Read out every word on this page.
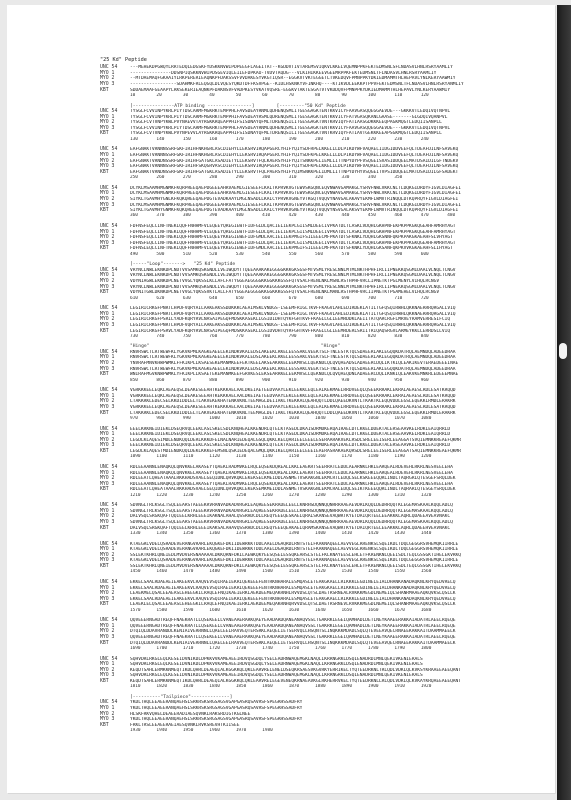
"25 Kd" Peptide
UNC 54	---MEHEKDPGWQYLRRTEDQLEDGSKFYDSKKNVWIPDPEEGFLAGEITAT--KGDDVTIVTAREMSVIQKVLKKELVQEMNPPKFEKTEDMSNLSFLNDASVLHNLRSRYAAMLIY
MYO 1	---------------DDSNPIQSKKNVWIPDSGEVIQLEIIEFDPKAO-TVDVTAQDG---VLKIHIKKEEVGEEMRPPKFEKTEDMSNLTFLNDASVLHNLRSRYAAMLIY
MYO 2	--MTDAEMAQFGKAAIYLRKPERERIEAQNKPFDAKSSVFVVDAKESYVKGTIQSR--EGGKVTVKTEGGETLTVKEDQVFPMNPPKYDKIEDMAMMTHLHEPAVLYNLKERYAAWMIY
MYO 3	-----------------SDAHMKFRLEQGQLDLVQESYQKDTDFFKSVPGE--KIDLHSKNKYVFINKHQ----KTIKVDLEEKKPTPPVFEKTEDMSNLTFLNDASVLHNLRSRYANMLIY
KBT	SDDAEMAAFGEAAPYLRKSEKERIEAQNKPFDAKNSVFVADPKESYVKATVQSRE-EGGKVTAKTESGATVTVKDDQVFPMNPPKYDKIEDMAMMTHLHEPAVLYNLKERYAAWMIY
10        20        30        40        50        60        70        80        90        100       110       120
[---------------ATP binding ----------------]        [---------"50 Kd" Peptide
UNC 54	TYSGLFCVVINPYKRLPIYTDSCARMFMGKRKTEMPPHLFAVSDEAYRNMLQDHENQSMLITGESGAGKTENTKKVICYFAAVGASQQEGGAEVDE---GKKKVTLEDQIVQTNPVL
MYO 1	TYSGLFCVVINPYKRLPIYTDSCARMFMGKRKTEMPPHIFAVSDEAYRSMLQDRENQSMLITGESGAGKTENTKKVICYFATVGASQKANLGAASE-------GLGDQIVQANPVL
MYO 2	TYSGLFCVTVNPYKWLPVYNAEVVTAYRGKKRQEAPPHIFSISDNAYQFMLTDRENQSILITGESGAGKTVNTKRVIQYFATIAASGDKKKEEQPAGKMQGTLEDQIISANPLL
MYO 3	TYSGLFCVVINPYKRLPIYTDSCARMFMGKRKTEMPPHLFAVSDEAYRNMLQDHENQSMLITGESGAGKTENTKKVICYFAAVGASQQEGGAEVDE---GKKKVTLEDQIVQTNPVL
KBT	TYSGLFCVTVNPYKWLPVYNPEVVLAYRGKKRQEAPPHIFSISDNAYQFMLTDRENQSILITGESGAGKTVNTKRVIQYFATIAVTGEKKKEEAPSGKMQGTLEDQIISANPLL
130       140       150       160       170       180       190       200       210       220       230       240
UNC 54	EAFGNAKTVRNNNSSRFGKFIRIHFNKHGRLASCDIEHYLLEKSRVIRQAPGERCYHIFYQIYSDFRPELKKELLLDLPIKDYWFVAQAELIIDGIDDVEEFQLTDEAFDILNFSAVEKQ
MYO 1	EAFGNAKTVRNNNSSRFGKFIRIHFNKHGRLASCDIEHYLLEKSRVIRQAPGERCYHIFYQIYSDFKPELKKELLLDLPIKDYWFVAQAELIIDGIDDVEEFQLTDEAFDILNFSAVEKQ
MYO 2	EAFGNAKTVRNDNSSRFGKFIRIHFGATGKLASADIETYLLEKSRVTFQLKAERSYHIFYQITSNKKPELIEMLLITTNPYDYPFVSQGEISVASIDDQEELMATDSAIDILGFTNDEKV
MYO 3	EAFGNAKTVRNNNSSRFGKFIRIHFSKQGRVASCDIEHYLLEKSRVIRQAPGERCYHIFYQIYSDFKPELKKELLLDLPIKDYWFVAQAELIIDGIDDVEEFQLTDEAFDILNFSAVEKQ
KBT	EAFGNAKTVRNDNSSRFGKFIRIHFGATGKLASADIETYLLEKSRVTFQLPAERSYHIFYQIMSNKKPELIDMLLITTNPYDYHYVSQGEITVPSIDDQEELMATDSAIDILGFSADEKT
250       260       270       280       290       300       310       320       330       340       350
UNC 54	DCYKLMSAAMHMGNMKFKQRPREEQAEPDGEEEAHRVAEMLGIESEEFLKALTKPRVKVGTEWVSKGQNCEQVNWAVGAMAKGLYSRVFNWLVKKCNLTLDQKGIDRDYFIGVLDIAGFEI
MYO 1	DCYKLMSAAMHMGNMKFKQRPREEQAEPDGEEEAHRVAEMLGIESEEFLKALTKPRVKVGTEWVSKGQNCEQVNWAVGAMAKGLYSRVFNWLVKKCNLTLDQKGIDRDYFIGVLDIAGFEI
MYO 2	SIYKLTGAVMHYGNLKFKQKQREEQAEPDGTEVADKAAYLMGLNSADLLKALCYPRVKVGNEYVTKGQTVQQVYNAVGALAKAVYEKMFLWMVTRINQQLDTKQPRQYFIGVLDIAGFEI
MYO 3	DCYKLMSAAMHMGNMKFKQRPREEQAEPDGEEEAHRVAEMLGIESEEFLKALTKPRVKVGTEWVSKGQNCEQVNWAVGAMAKGLYSRVFNWLVKKCNLTLDQKGIDRDYFIGVLDIAGFEI
KBT	SIYKLTGAVMHYGNMKFKQKQREEQAEPDGTEVADKAAYLMGLNSADLLKALCYPRVKVGNEYVTKGQTVQQVYNSVGALAKSVYEKMFLWMVTRINQQLDTKQPRQYFIGVLDIAGFEI
360       370       380       390       400       410       420       430       440       450       460       470       480
UNC 54	FDFNSFEQLCINFTNEKLQQFFNHHMFVLEQEEYQREGIEWTFIDFGLDLQACIELIEKPLGIISMLDEECIVPKATDLTLASKLVDQHLGKHPNFEKPKPPKGKQGEAHFAMRHYAGT
MYO 1	FDFNSFEQLCINFTNEKLQQFFNHHMFVLEQEEYQREGIEWTFIDFGLDLQACIELIEKPLGIISMLDEECIVPKATDLTLASKLVDQHLGKHPNFEKPKPPKGKQGEAHFAMRHYAGT
MYO 2	FDFNSFEQLCINFTNEKLQQFFNHHMFVLEQEEYKKEGIEWEFIDFGMDLAACIELIEKPMGIFSILEEECMFPKATDTSFKNKLYDQHLGKSNNFQKPKPAKGKAEAHFSLVHYAGT
MYO 3	FDFNSFEQLCINFTNEKLQQFFNHHMFVLEQEEYQREGIEWTFIDFGLDLQACIELIEKPLGIISMLDEECIVPKATDLTLASKLVDQHLGKHPNFEKPKPPKGKQGEAHFAMRHYAGT
KBT	FDFNSLEQLCINFTNEKLQQFFNHHMFVLEQEEYKKEGIEWEFIDFGMDLAACIELIEKPMGIFSILEEECMFPKATDTSFKNKLYDQHLGKSANFQKPKVVKGKAEAHFSLIHYAGT
490       500       510       520       530       540       550       560       570       580       590       600
[-----"Loop"------->   "25 Kd" Peptide
UNC 54	VRYNCLNWLEKNKDPLNDTVVSAMKQSKGNDLLVEIWQDYTTQEEAAAKAKEGGGGKKKGKSGSFMTVSMLYRESLNNLMTMLNKTHPHFIRCIIPNEKKQSGMIDAALVLNQLTCNGV
MYO 1	VRYNCLNWLEKNKDPLNDTVVSAMKQSKGNDLLVEIWQDYTTQEEAAAKAKEGGGGKKKGKSGSFMTVSMLYRESLNNLMTMLNKTHPHFIRCIIPNEKKQSGMIDAALVLNQLTCNGV
MYO 2	VDYNIAGWLEKNKDPLNETVVGLYQKSSLKLLAFLFATYGGEAEGGGGKKGGKKKGSSFQTVSALFRENLNKLMSNLRSTHPHFVRCLIPNETKTPGLMENYLVIHQLRCNGV
MYO 3	VRYNCLNWLEKNKDPLNDTVVSAMKQSKGNDLLVEIWQDYTTQEEAAAKAKEGGGGKKKGKSGSFMTVSMLYRESLNNLMTMLNKTHPHFIRCIIPNEKKQSGMIDAALVLNQLTCNGV
KBT	VDYNITGWLDKNKDPLNETVVGLYQKSSVKTLALLFATYGGEAEGGGGKKGGKKKGSSFQTVSALFRENLNKLMANLRSTHPHFVRCIIPNETKTPGAMEHELVLHQLRCNGV
610       620       630       640       650       660       670       680       690       700       710       720
UNC 54	LEGIRICRKGFPNRTLHPDFVQRYAILAAKEAKSSDDKKKCAEAIMSKLVNDGS-LSEEMFRIGLTKVFFKAGVLAHLEDIRDEKLATILTGFQSQIRWHLQKKNAERRRQRGALLVIQ
MYO 1	LEGIRICRKGFPNRTLHPDFVQRYAILAAKEAKSSDDKKKCAEAIMSKLVNDGS-LSEEMFRIGLTKVFFKAGVLAHLEDIRDEKLATILTGFQSQIRWHLQKKNAERRRQRGALLVIQ
MYO 2	LEGIRICRKGFPSRILYADFKQRYRVLNASAIPEGQFMDSKKASEKLLGSIDIDHTQYKFGHTKVFFKAGLLGLLEEMRDDKLAEIITATQARCRGFLMRVEYRAMVERRESIFCIQ
MYO 3	LEGIRICRKGFPNRTLHPDFVQRYAILAAKEAKSSDDKKKCAEAIMSKLVNDGS-LSEEMFRIGLTKVFFKAGVLAHLEDIRDEKLATILTGFQSQIRWHLQKKNAERRRQRGALLVIQ
KBT	LEGIRICRKGFPSRVLYADFKQRYRVLNASAIPEGQFMDSKKASEKLLGSIDVDHTQYRFGHTKVFFKAGLLGLLEEMRDERLSRIITRIQAQSRGVLARMEYKKLLERRDSLLVIQ
730       740       750       760       770       780       790       800       810       820       830       840
"Hinge"                                                              "Hinge"
UNC 54	RNVRSWCTLRTWEWFKLYGKVKPMLKAGKEAEELEKINDKVKALEDSLAKEEKLRKELEESSAKLVEEKTSLFTNLESTKTQLSDAEERLAKLEGQQKDATRQLAEMNDQLADEEDRAA
MYO 1	RNVRSWCTLRTWEWFKLYGKVKPMLKAGKEAEELEKINDKVKALEDSLAKEEKLRKELEESSAKLVEEKTSLFTNLESTKTQLSDAEERLAKLEGQQKDATRQLAEMNDQLADEEDRAA
MYO 2	YNVRAFMNVKHWPWMKLFFKIKPLLKSAESEKEMANMKEEFEKTKEELAKSEAKRKELEEKMVSLLQEKNDLQLQVQAEADSLADAEERCDQLIKTKIQLEAKIKEVTERAEDEEEINAE
MYO 3	RNVRSWCTLRTWEWFKLYGKVKPMLKAGKEAEELEKINDKVKALEDSLAKEEKLRKELEESSAKLVEEKTSLFTNLESTKTQLSDAEERLAKLEGQQKDATRQLAEMNDQLADEEDRAA
KBT	WNIRAFMGVKNWPWMKLYFKIKPLLKSAETEKEMANMKEEFGRVKESLEKSEARRKELEEKMVSLLQEKNDLQLQVQAEQDNLADAEERCDQLIKNKIQLEAKVKEMNKRLEDEEEMNAE
850       860       870       880       890       900       910       920       930       940       950       960
UNC 54	VGRKKKEELEQKLAEAEQSLDEAKESEEAHTKEKKKAELAALDKEIAETEEDVAAYLEKLEEKKLEQLEALKEKMAELRRDVEEQLQSEEKRRAKLEKRALAEAESLRDLESATKRQQD
MYO 1	VGRKKKEELEQKLAEAEQSLDEAKESEEAHTKEKKKAELAALDKEIAETEEDVAAYLEKLEEKKLEQLEALKEKMAELRRDVEEQLQSEEKRRAKLEKRALAEAESLRDLESATKRQQD
MYO 2	LTAKKRKLEDECSELKKDIDDLELTLAKVEKEKHATENKVKNLTEEMAGLDEIIAKLTKEKKALQEAHQQTLDDLQAEEDKVNTLTKAKTKLEQQVDDLEGSLEQEKKLRMDLERAKRK
MYO 3	VGRKKKEELEQKLAEAEQSLDEAKESEEAHTKEKKKAELAALDKEIAETEEDVAAYLEKLEEKKLEQLEALKEKMAELRRDVEEQLQSEEKRRAKLEKRALAEAESLRDLESATKRQQD
KBT	LTAKKRKLEDECSELKKDIDDLELTLAKVEKEKHATENKVKNLTEEMAGLDETIAKLTKEKKALQEAHQQTLDDLQAEEDKVNTLTKAKTKLEQQVDDLEGSLEQEKKLRMDLERAKRK
970       980       990       1000      1010      1020      1030      1040      1050      1060      1070      1080
UNC 54	EEELKRKNEIDIEKLDSEQRVQLEEKLASLSKELSDLKNQHEALKKENDRLQTELKTASEDLDKAISDRMDKERQAIRAELDTLKKELDDEKTALERSEAAVKELRDKLEAIQRRLD
MYO 1	EEELKRKNEIDIEKLDSEQRVQLEEKLASLSKELSDLKNQHEALKKENDRLQTELKTASEDLDKAISDRMDKERQAIRAELDTLKKELDDEKTALERSEAAVKELRDKLEAIQRRLD
MYO 2	LEGDLKLAQESIMDLENDKQQLDERLKKKDFELNALNARIEDEQALGSQLQKKLKELQARIEELEEELESERAARAKVEKLRSDLSRELEEISERLEEAGGATSVQIEMNKKREAEFQKMR
MYO 3	EEELKRKNEIDIEKLDSEQRVQLEEKLASLSKELSDLKNQHEALKKENDRLQTELKTASEDLDKAISDRMDKERQAIRAELDTLKKELDDEKTALERSEAAVKELRDKLEAIQRRLD
KBT	LEGDLKLAQESTMDIENDKQQLDEKLKKKEFEMSNLQSKIEDEQALGMQLQKKIKELQARIEELEEEIEAERASRAKAEKQRSDLSRELEEISERLEEAGGATSAQIEMNKKREAEFQKMR
1090      1100      1110      1120      1130      1140      1150      1160      1170      1180      1190      1200
UNC 54	RDLEEAANNLENAQKQLQNVKKELAKASEYTQAEKLRADMVKELRQLEQSEKDQREALLKKLEAEKRTSEERRATLEDDLAEARNKLHKLEARQEALRDEVEHLRKRLNESVEELEHA
MYO 1	RDLEEAANNLENAQKQLQNVKKELAKASEYTQAEKLRADMVKELRQLEQSEKDQREALLKKLEAEKRTSEERRATLEDDLAEARNKLHKLEARQEALRDEVEHLRKRLNESVEELEHA
MYO 2	RDLEEATLQHEATAAALRKKHADSVAELGEQIDNLQRVKQKLEKEKSELKMEIDDLASNMETVSKAKGNLEKMCRTLEDQLSELKSKEEEQQRLINDLTAQRGRLQTESGEFSRQLDEK
MYO 3	RDLEEAANNLENAQKQLQNVKKELAKASEYTQAEKLRADMVKELRQLEQSEKDQREALLKKLEAEKRTSEERRATLEDDLAEARNKLHKLEARQEALRDEVEHLRKRLNESVEELEHA
KBT	RDLEEATLQHEATAAALRKKHADSVAELGEQIDNLQRVKQKLEKEKSEMKMEIDDLASNMETVSKAKGNLEKMCRALEDQLSEIKTKEEEQQRLINDLTAQRARLQTESGEYSRQLDEK
1210      1220      1230      1240      1250      1260      1270      1280      1290      1300      1310      1320
UNC 54	SDVNGLTRLKSGLTSQLEEARSTAEEEKRVRANVADKADVRGRLEAQREESEKRADELEELLKNRHSDQNNQQNRRRAAEAEVDRLKQQLDEDRRQQTKLEGEMASKAALKQQLADLQ
MYO 1	SDVNGLTRLKSGLTSQLEEARSTAEEEKRVRANVADKADVRGRLEAQREESEKRADELEELLKNRHSDQNNQQNRRRAAEAEVDRLKQQLDEDRRQQTKLEGEMASKAALKQQLADLQ
MYO 2	DALVSQLSRGKQAFTQQIEELKRHLEEEIKAKNALAHALQSSRHDCDLLREQYEEEQESKAELQRALSKANSEVAQWRTKYETDAIQRTEELEEAKKKLAQRLQDAEEAVEAVNAKC
MYO 3	SDVNGLTRLKSGLTSQLEEARSTAEEEKRVRANVADKADVRGRLEAQREESEKRADELEELLKNRHSDQNNQQNRRRAAEAEVDRLKQQLDEDRRQQTKLEGEMASKAALKQQLADLQ
KBT	DALVSQLSRGKQAFTQQIEELKRHLEEEIKAKSALAHAVQSSRHDCDLLREQYEEEQEAKAELQRAMSKANSEVAQWRTKYETDAIQRTEELEEAKKKLAQRLQDAEEHVEAVNAKC
1330      1340      1350      1360      1370      1380      1390      1400      1410      1420      1430      1440
UNC 54	KTAEGRLVDELQSRADEVERANGVRARLEKQGKEFDKIIDEWRKKTDDLAAELDGAQRDLRNTSTELFKAKNAQEELAEVVEGLRRENKSLSQEIKDLTDQLGEGGRSVHEMQKIIRRLE
MYO 1	KTAEGRLVDELQSRADEVERANGVRARLEKQGKEFDKIIDEWRKKTDDLAAELDGAQRDLRNTSTELFKAKNAQEELAEVVEGLRRENKSLSQEIKDLTDQLGEGGRSVHEMQKIIRRLE
MYO 2	SSLEKTKHRLQNEIEDLMVDVERSNAAAAALDKKQRNFDKILAEWKQKYEESQSELESSQKEARSLSTELFKLKNAYEESLEHLETFKRENKNLQEEISDLTEQLGSSGKTIHELEKVRKQ
MYO 3	KTAEGRLVDELQSRADEVERANGVRARLEKQGKEFDKIIDEWRKKTDDLAAELDGAQRDLRNTSTELFKAKNAQEELAEVVEGLRRENKSLSQEIKDLTDQLGEGGRSVHEMQKIIRRLE
KBT	SSLEKTKHRLQNEIEDLMVDVERSNAAAAALDKKQRNFDKILAEWKQKYEESQSELESSQKEARSLSTELFKLKNAYEESLEHLETFKRENKNLQEEISDLTEQLGSSGKTIHELEKVRKQ
1450      1460      1470      1480      1490      1500      1510      1520      1530      1540      1550      1560
UNC 54	EKKELSAALRDAEAEIEAKEEKVLRAQVEVSQIRAEIEKRIQEKEEEFENTRKNHARALESMQASLETEAKGKAELLRIKKKLEGDINELEIALDHANKANADAQKNLKRYQEDVRELQ
MYO 1	EKKELSAALRDAEAEIEAKEEKVLRAQVEVSQIRAEIEKRIQEKEEEFENTRKNHARALESMQASLETEAKGKAELLRIKKKLEGDINELEIALDHANKANADAQKNLKRYQEDVRELQ
MYO 2	LEAEKMELQSALEEAEASLEHEEGKILRAQLEFNQIKAEIERKLAEKDEEMEQAKRNHLRVVDSLQTSLDAETRSRNEALRVKKKMEGDLNEMEIQLSHANRMAAEAQKQVKSLQSLLK
MYO 3	EKKELSAALRDAEAEIEAKEEKVLRAQVEVSQIRAEIEKRIQEKEEEFENTRKNHARALESMQASLETEAKGKAELLRIKKKLEGDINELEIALDHANKANADAQKNLKRYQEDVRELQ
KBT	LEAEKLELQSALEEAEASLEHEEGKILRAQLEFNQIKAEIERKLAEKDEEMEQAKRNHQRVVDSLQTSLDAETRSRNEVLRVKKKMEGDLNEMEIQLSHANRMAAEAQKQVKSLQSLLK
1570      1580      1590      1600      1610      1620      1630      1640      1650      1660      1670      1680
UNC 54	QQVEEERNGADTREQFFNAEKRATLLQSEKEELLVANEAAERARKQAEYEAADARDQANEANAQVSSLTGAKRKLEGEIQAMHADLDETLNEYKAAEERAKKAIADATRLAEELRQEQE
MYO 1	QQVEEERNGADTREQFFNAEKRATLLQSEKEELLVANEAAERARKQAEYEAADARDQANEANAQVSSLTGAKRKLEGEIQAMHADLDETLNEYKAAEERAKKAIADATRLAEELRQEQE
MYO 2	DTQIQLDDAVRANDDLKENIAIVERRNNLLQAELEELRAVVEQTERSRKLAEQELIETSERVQLLHSQNTSLINQKKKMDADLSQLQTEVEEAVQECRNAEEKAKKAITDAAMMAEELK
MYO 3	QQVEEERNGADTREQFFNAEKRATLLQSEKEELLVANEAAERARKQAEYEAADARDQANEANAQVSSLTGAKRKLEGEIQAMHADLDETLNEYKAAEERAKKAIADATRLAEELRQEQE
KBT	DTQIQLDDAVRANDDLKENIAIVERRNNLLQAELEELRAVVEQTERSRKLAEQELIETSERVQLLHSQNTSLINQKKKMDADLSQLQTEVEEAVQECRNAEEKAKKAITDAAMMAEELK
1690      1700      1710      1720      1730      1740      1750      1760      1770      1780      1790      1800
UNC 54	SQHVDRLRKGLEQLKESEIDVNIKDLDPKKVVKAMEAEEIRDVQSGDQLYSELEADRNWAQEMGKLNAQLLKRRNGRKLDSQIENADRDIMNLQEKIVKENIERALS
MYO 1	SQHVDRLRKGLEQLKESEIDVNIKDLDPKKVVKAMEAEEIRDVQSGDQLYSELEADRNWAQEMGKLNAQLLKRRNGRKLDSQIENADRDIMNLQEKIVKENIERALS
MYO 2	KEQDTSAHLERMKKNMEQTIKDLQHRLDEAEQIALKGGKKQLQKLEARVRELENELDSEQKRSAESVKGVRKYERRIKELTYQTEEDRKNLTRLQDLVDKLQLKVKSYKRAAEEAEEQANT
MYO 3	SQHVDRLRKGLEQLKESEIDVNIKDLDPKKVVKAMEAEEIRDVQSGDQLYSELEADRNWAQEMGKLNAQLLKRRNGRKLDSQIENADRDIMNLQEKIVKENIERALS
KBT	KEQDTSAHLERMKKNMEQTIKDLQHRLDEAEQIALKGGKKQLQKLEARVRELEGEVENEQKRNAEAVKGLRKHERRVKELTYQTEEDRKNLLRLQDLVDKLQLKVKAYKRQAEEAEEQANT
1810      1820      1830      1840      1850      1860      1870      1880      1890      1900      1910      1920
[----------"Tailpiece"--------------]
UNC 54	YKDLTHQLEEAEERANQAEHSLSRKRSKSRGSAGSVGAPGASRQSAVRSFSPEGRHSSADFRY
MYO 1	YKDLTHQLEEAEERANQAEHSLSRKRSKSRGSAGSVGAPGASRQSAVRSFSPEGRHSSADFRY
MYO 2	HLSKFRKVQHELDEAEERADIAESQVNKLRAKSRDIGTKGLNEE
MYO 3	YKDLTHQLEEAEERANQAEHSLSRKRSKSRGSAGSVGAPGASRQSAVRSFSPEGRHSSADFRY
KBT	FRKLTRSLEEAEERAEIAESQVNKLRVKSREVHTKIISEE
1930      1940      1950      1960      1970      1980
